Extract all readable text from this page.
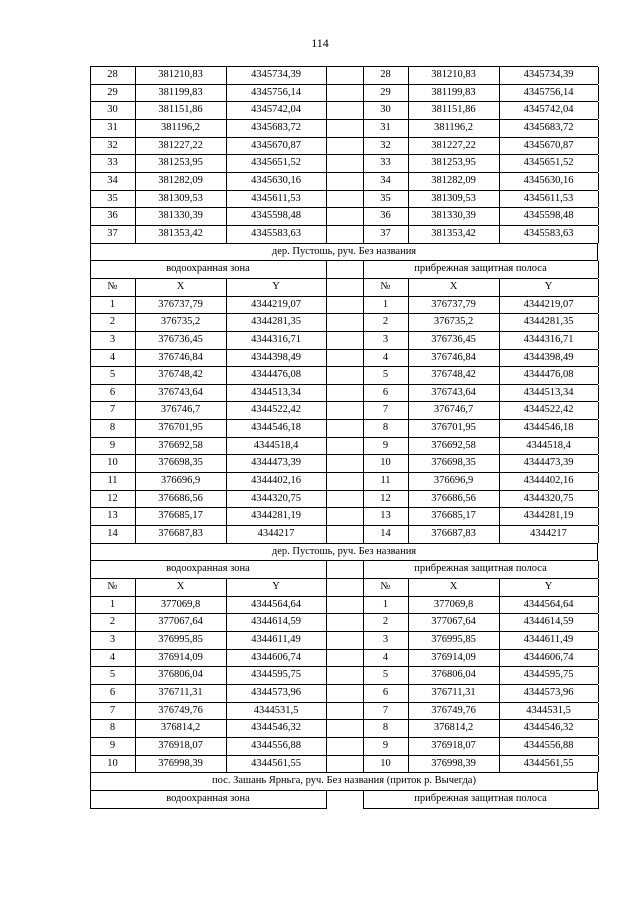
114
28	381210,83	4345734,39	28	381210,83	4345734,39
29	381199,83	4345756,14	29	381199,83	4345756,14
30	381151,86	4345742,04	30	381151,86	4345742,04
31	381196,2	4345683,72	31	381196,2	4345683,72
32	381227,22	4345670,87	32	381227,22	4345670,87
33	381253,95	4345651,52	33	381253,95	4345651,52
34	381282,09	4345630,16	34	381282,09	4345630,16
35	381309,53	4345611,53	35	381309,53	4345611,53
36	381330,39	4345598,48	36	381330,39	4345598,48
37	381353,42	4345583,63	37	381353,42	4345583,63
дер. Пустошь, руч. Без названия
водоохранная зона	прибрежная защитная полоса
№	X	Y	№	X	Y
1	376737,79	4344219,07	1	376737,79	4344219,07
2	376735,2	4344281,35	2	376735,2	4344281,35
3	376736,45	4344316,71	3	376736,45	4344316,71
4	376746,84	4344398,49	4	376746,84	4344398,49
5	376748,42	4344476,08	5	376748,42	4344476,08
6	376743,64	4344513,34	6	376743,64	4344513,34
7	376746,7	4344522,42	7	376746,7	4344522,42
8	376701,95	4344546,18	8	376701,95	4344546,18
9	376692,58	4344518,4	9	376692,58	4344518,4
10	376698,35	4344473,39	10	376698,35	4344473,39
11	376696,9	4344402,16	11	376696,9	4344402,16
12	376686,56	4344320,75	12	376686,56	4344320,75
13	376685,17	4344281,19	13	376685,17	4344281,19
14	376687,83	4344217	14	376687,83	4344217
дер. Пустошь, руч. Без названия
водоохранная зона	прибрежная защитная полоса
№	X	Y	№	X	Y
1	377069,8	4344564,64	1	377069,8	4344564,64
2	377067,64	4344614,59	2	377067,64	4344614,59
3	376995,85	4344611,49	3	376995,85	4344611,49
4	376914,09	4344606,74	4	376914,09	4344606,74
5	376806,04	4344595,75	5	376806,04	4344595,75
6	376711,31	4344573,96	6	376711,31	4344573,96
7	376749,76	4344531,5	7	376749,76	4344531,5
8	376814,2	4344546,32	8	376814,2	4344546,32
9	376918,07	4344556,88	9	376918,07	4344556,88
10	376998,39	4344561,55	10	376998,39	4344561,55
пос. Зашань Ярньга, руч. Без названия (приток р. Вычегда)
водоохранная зона	прибрежная защитная полоса
